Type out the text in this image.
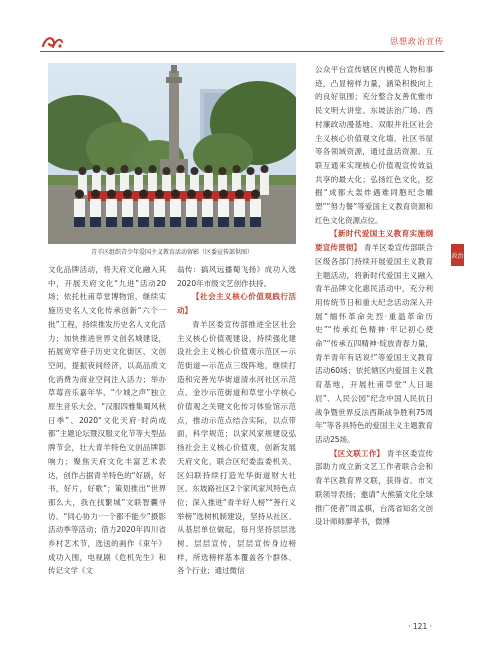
思想政治宣传
青羊区组织青少年爱国主义教育活动留影（区委宣传部供图）

文化品牌活动，将天府文化融入其中，开展天府文化“九进”活动20场；依托杜甫草堂博物馆，继续实施历史名人文化传承创新“六个一批”工程，持续推发历史名人文化活力；加快推进世界文创名城建设，拓展宽窄巷子历史文化街区、文创空间，提振夜间经济，以高品质文化消费为商业空间注入活力；举办草莓音乐嘉年华、“少城之声”独立原生音乐大会、“汉服四雅集蜀风秋日季”、2020“文化天府·时尚成都”主题论坛暨汉服文化节等大型品牌节会，壮大青羊特色文创品牌影响力；聚焦天府文化丰富艺术表达，创作占据青羊特色的“好剧，好书，好片，好歌”；策划推出“世界那么大，我在找繁城”文联智囊寻访、“同心协力·一个都不能少”摄影活动季等活动；借力2020年四川省乡村艺术节，选送的画作《束午》成功入围，电视剧《危机先生》和传记文学《文

翁传：搞风远播蜀飞扬》成功入选2020年市级文艺创作扶持。

【社会主义核心价值观践行活动】

青羊区委宣传部推进全区社会主义核心价值观建设，持续强化建设社会主义核心价值观示范区—示范街道—示范点三级阵地，继续打造和完善光华街道清水河社区示范点、金沙示范街道和草堂小学核心价值观之关键文化传习体验馆示范点，推动示范点结合实际，以点带面，科学规范；以家风家规建设弘扬社会主义核心价值观，创新发展天府文化，联合区纪委监委机关、区妇联持续打造光华街道财大社区、东坡路社区2个家风家风特色点位；深入推进“青羊好人榜”“善行义举榜”选树机制建设，坚持从社区、从基层单位做起，每月坚持层层选树、层层宣传，层层宣传身边榜样，所选榜样基本覆盖各个群体、各个行业；通过微信

公众平台宣传辖区内模范人物和事迹，凸显榜样力量，涵染积极向上的良好氛围；充分整合友善优雅市民文明大讲堂、东坡法治广场、西村廉政动漫基地、双眼井社区社会主义核心价值观文化墙、社区书屋等各领域资源，通过盘活资源、互联互通来实现核心价值观宣传效益共享的最大化；弘扬红色文化，挖掘“成都大轰炸遇难同胞纪念雕塑”“努力餐”等爱国主义教育资源和红色文化资源点位。

【新时代爱国主义教育实施纲要宣传贯彻】 青羊区委宣传部联合区级各部门持续开展爱国主义教育主题活动，将新时代爱国主义融入青羊品牌文化惠民活动中，充分利用传统节日和重大纪念活动深入开展“缅怀革命先烈·重温革命历史”“传承红色精神·牢记初心使命”“传承五四精神·绽放青春力量，青羊青年有话说!”等爱国主义教育活动60场；依托辖区内爱国主义教育基地，开展杜甫草堂“人日诞辰”、人民公园“纪念中国人民抗日战争暨世界反法西斯战争胜利75周年”等各具特色的爱国主义主题教育活动25场。

【区文联工作】 青羊区委宣传部助力成立新文艺工作者联合会和青羊区教育界文联，获得省、市文联领导表扬；邀请“大熊猫文化全球推广使者”周孟棋，台湾省知名文创设计师师廖孝书，微博

政治
· 121 ·
